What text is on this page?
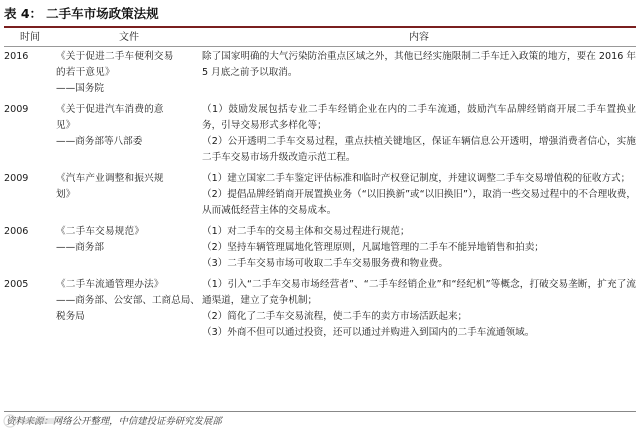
表 4： 二手车市场政策法规
时间	文件	内容
2016	《关于促进二手车便利交易
的若干意见》
——国务院	除了国家明确的大气污染防治重点区域之外，其他已经实施限制二手车迁入政策的地方，要在 2016 年 5 月底之前予以取消。

2009	《关于促进汽车消费的意
见》
——商务部等八部委	（1）鼓励发展包括专业二手车经销企业在内的二手车流通，鼓励汽车品牌经销商开展二手车置换业务，引导交易形式多样化等；
（2）公开透明二手车交易过程，重点扶植关键地区，保证车辆信息公开透明，增强消费者信心，实施二手车交易市场升级改造示范工程。

2009	《汽车产业调整和振兴规
划》	（1）建立国家二手车鉴定评估标准和临时产权登记制度，并建议调整二手车交易增值税的征收方式；
（2）提倡品牌经销商开展置换业务（“以旧换新”或“以旧换旧”），取消一些交易过程中的不合理收费，从而减低经营主体的交易成本。

2006	《二手车交易规范》
——商务部	（1）对二手车的交易主体和交易过程进行规范；
（2）坚持车辆管理属地化管理原则，凡属地管理的二手车不能异地销售和拍卖；
（3）二手车交易市场可收取二手车交易服务费和物业费。

2005	《二手车流通管理办法》
——商务部、公安部、工商总局、税务局	（1）引入“二手车交易市场经营者”、“二手车经销企业”和“经纪机”等概念，打破交易垄断，扩充了流通渠道，建立了竞争机制；
（2）简化了二手车交易流程，使二手车的卖方市场活跃起来；
（3）外商不但可以通过投资，还可以通过并购进入到国内的二手车流通领域。
资料来源：网络公开整理，中信建投证券研究发展部
